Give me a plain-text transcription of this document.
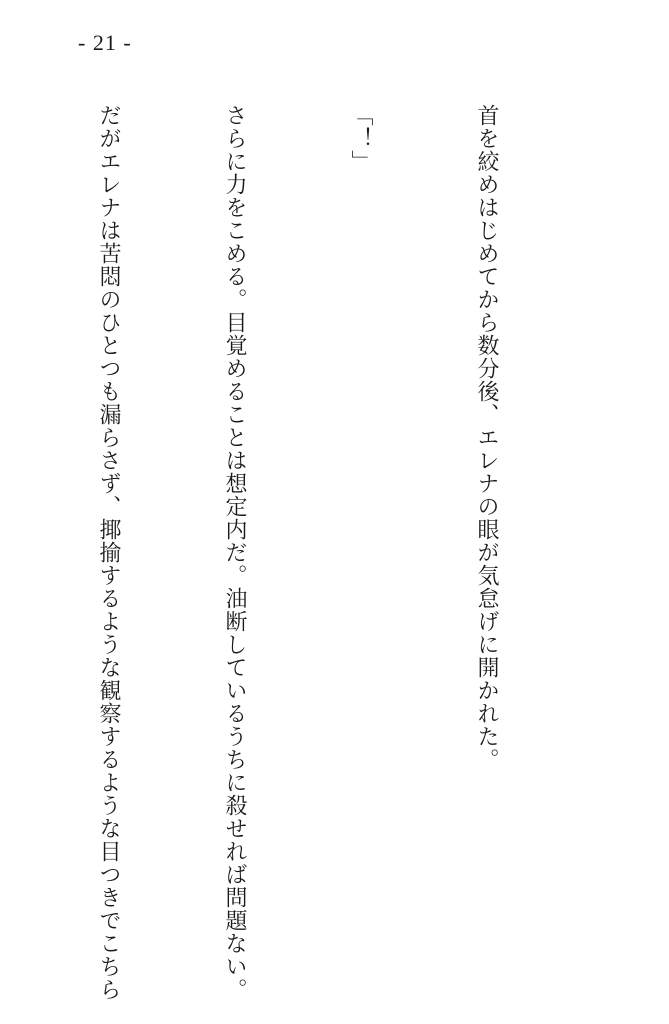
- 21 -

首を絞めはじめてから数分後、エレナの眼が気怠げに開かれた。

「！」

さらに力をこめる。目覚めることは想定内だ。油断しているうちに殺せれば問題ない。

だがエレナは苦悶のひとつも漏らさず、揶揄するような観察するような目つきでこちら
